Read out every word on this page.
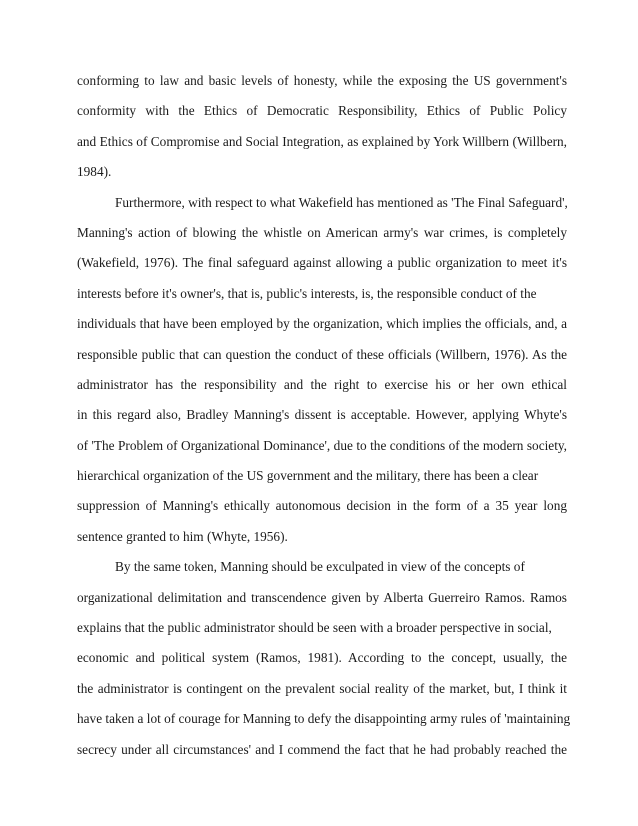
conforming to law and basic levels of honesty, while the exposing the US government's
conformity with the Ethics of Democratic Responsibility, Ethics of Public Policy
and Ethics of Compromise and Social Integration, as explained by York Willbern (Willbern,
1984).
Furthermore, with respect to what Wakefield has mentioned as 'The Final Safeguard',
Manning's action of blowing the whistle on American army's war crimes, is completely
(Wakefield, 1976). The final safeguard against allowing a public organization to meet it's
interests before it's owner's, that is, public's interests, is, the responsible conduct of the
individuals that have been employed by the organization, which implies the officials, and, a
responsible public that can question the conduct of these officials (Willbern, 1976). As the
administrator has the responsibility and the right to exercise his or her own ethical
in this regard also, Bradley Manning's dissent is acceptable. However, applying Whyte's
of 'The Problem of Organizational Dominance', due to the conditions of the modern society,
hierarchical organization of the US government and the military, there has been a clear
suppression of Manning's ethically autonomous decision in the form of a 35 year long
sentence granted to him (Whyte, 1956).
By the same token, Manning should be exculpated in view of the concepts of
organizational delimitation and transcendence given by Alberta Guerreiro Ramos. Ramos
explains that the public administrator should be seen with a broader perspective in social,
economic and political system (Ramos, 1981). According to the concept, usually, the
the administrator is contingent on the prevalent social reality of the market, but, I think it
have taken a lot of courage for Manning to defy the disappointing army rules of 'maintaining
secrecy under all circumstances' and I commend the fact that he had probably reached the
